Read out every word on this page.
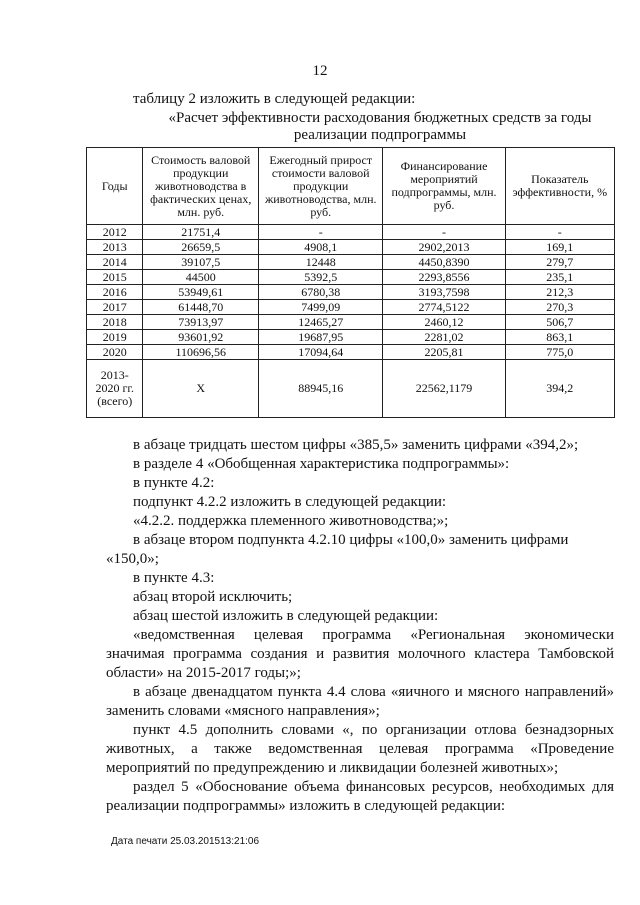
12
таблицу 2 изложить в следующей редакции:
«Расчет эффективности расходования бюджетных средств за годы реализации подпрограммы
Годы	Стоимость валовой продукции животноводства в фактических ценах, млн. руб.	Ежегодный прирост стоимости валовой продукции животноводства, млн. руб.	Финансирование мероприятий подпрограммы, млн. руб.	Показатель эффективности, %
2012	21751,4	-	-	-
2013	26659,5	4908,1	2902,2013	169,1
2014	39107,5	12448	4450,8390	279,7
2015	44500	5392,5	2293,8556	235,1
2016	53949,61	6780,38	3193,7598	212,3
2017	61448,70	7499,09	2774,5122	270,3
2018	73913,97	12465,27	2460,12	506,7
2019	93601,92	19687,95	2281,02	863,1
2020	110696,56	17094,64	2205,81	775,0
2013-2020 гг. (всего)	Х	88945,16	22562,1179	394,2

в абзаце тридцать шестом цифры «385,5» заменить цифрами «394,2»;

в разделе 4 «Обобщенная характеристика подпрограммы»:

в пункте 4.2:

подпункт 4.2.2 изложить в следующей редакции:

«4.2.2. поддержка племенного животноводства;»;

в абзаце втором подпункта 4.2.10 цифры «100,0» заменить цифрами «150,0»;

в пункте 4.3:

абзац второй исключить;

абзац шестой изложить в следующей редакции:

«ведомственная целевая программа «Региональная экономически значимая программа создания и развития молочного кластера Тамбовской области» на 2015-2017 годы;»;

в абзаце двенадцатом пункта 4.4 слова «яичного и мясного направлений» заменить словами «мясного направления»;

пункт 4.5 дополнить словами «, по организации отлова безнадзорных животных, а также ведомственная целевая программа «Проведение мероприятий по предупреждению и ликвидации болезней животных»;

раздел 5 «Обоснование объема финансовых ресурсов, необходимых для реализации подпрограммы» изложить в следующей редакции:

Дата печати 25.03.201513:21:06
